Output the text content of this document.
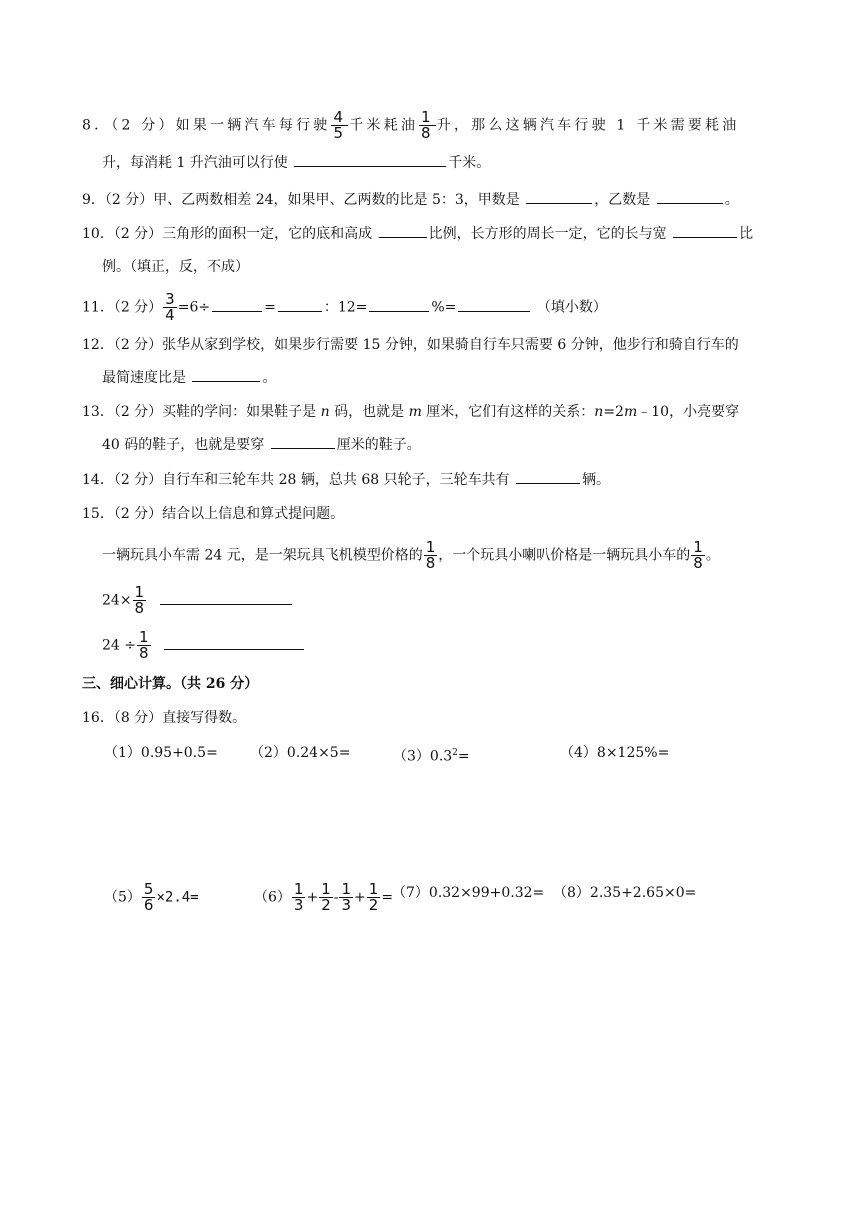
8．（2 分）如果一辆汽车每行驶 $\frac{4}{5}$ 千米耗油 $\frac{1}{8}$ 升，那么这辆汽车行驶 1 千米需要耗油
升，每消耗 1 升汽油可以行使	千米。
9．（2 分）甲、乙两数相差 24，如果甲、乙两数的比是 5：3，甲数是	，乙数是	。
10．（2 分）三角形的面积一定，它的底和高成	比例，长方形的周长一定，它的长与宽	比
例。（填正，反，不成）
11．（2 分） $\frac{3}{4} =6\div$	=	：12=	%=	（填小数）
12．（2 分）张华从家到学校，如果步行需要 15 分钟，如果骑自行车只需要 6 分钟，他步行和骑自行车的
最简速度比是	。
13．（2 分）买鞋的学问：如果鞋子是 n 码，也就是 m 厘米，它们有这样的关系：n=2m﹣10，小亮要穿
40 码的鞋子，也就是要穿	厘米的鞋子。
14．（2 分）自行车和三轮车共 28 辆，总共 68 只轮子，三轮车共有	辆。
15．（2 分）结合以上信息和算式提问题。
一辆玩具小车需 24 元，是一架玩具飞机模型价格的 $\frac{1}{8}$ ，一个玩具小喇叭价格是一辆玩具小车的 $\frac{1}{8}$ 。
$24\times \frac{1}{8}$

$24 \div \frac{1}{8}$

三、细心计算。（共 26 分）
16．（8 分）直接写得数。
（1）0.95+0.5= （2）0.24×5=	$(3)0.3^2=$	（4）8×125%=
$(5) \frac{5}{6} \times 2.4=$	$(6) \frac{1}{3} + \frac{1}{2} - \frac{1}{3} + \frac{1}{2}$ =
（7）0.32×99+0.32= （8）2.35+2.65×0=
